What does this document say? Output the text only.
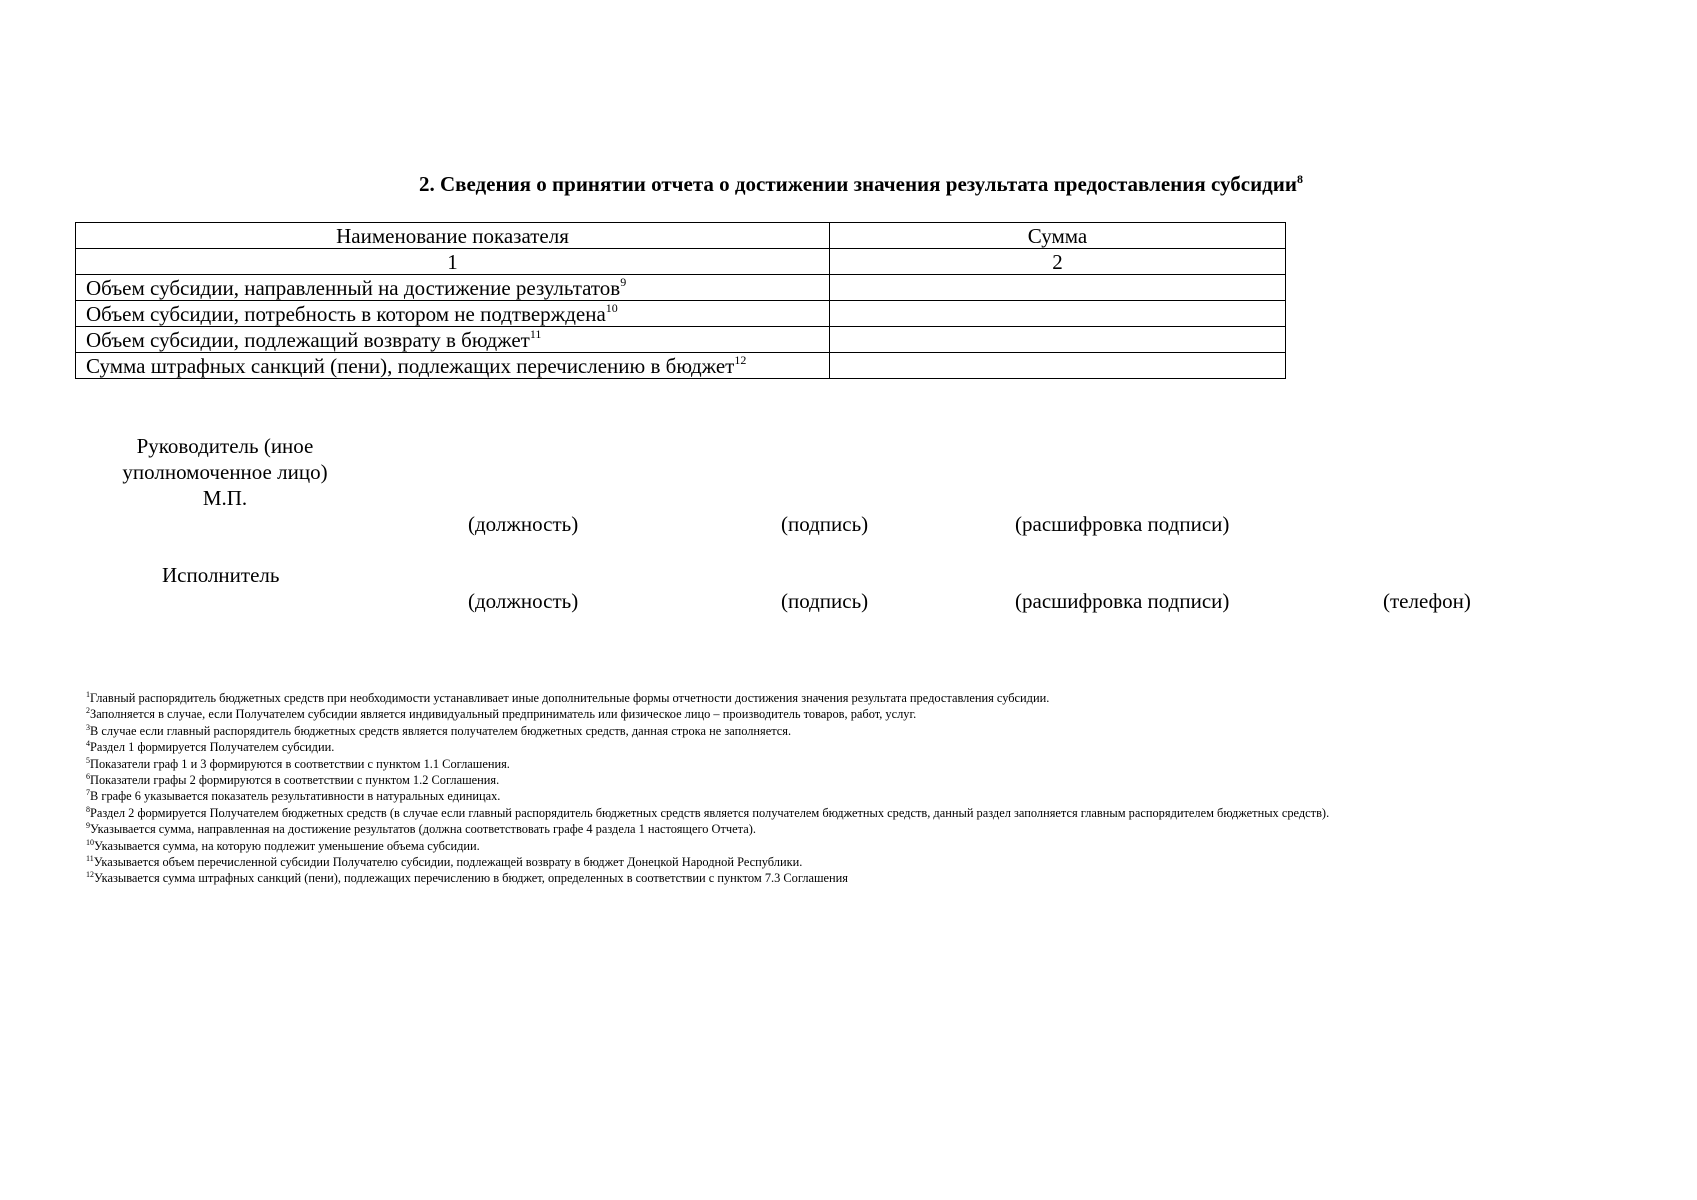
2. Сведения о принятии отчета о достижении значения результата предоставления субсидии$^8$
Наименование показателя	Сумма
1	2
Объем субсидии, направленный на достижение результатов$^9$	
Объем субсидии, потребность в котором не подтверждена$^{10}$	
Объем субсидии, подлежащий возврату в бюджет$^{11}$	
Сумма штрафных санкций (пени), подлежащих перечислению в бюджет$^{12}$	
Руководитель (иное
уполномоченное лицо)
М.П.
(должность)	(подпись)	(расшифровка подписи)
Исполнитель
(должность)	(подпись)	(расшифровка подписи)	(телефон)
$^1$Главный распорядитель бюджетных средств при необходимости устанавливает иные дополнительные формы отчетности достижения значения результата предоставления субсидии.
$^2$Заполняется в случае, если Получателем субсидии является индивидуальный предприниматель или физическое лицо – производитель товаров, работ, услуг.
$^3$В случае если главный распорядитель бюджетных средств является получателем бюджетных средств, данная строка не заполняется.
$^4$Раздел 1 формируется Получателем субсидии.
$^5$Показатели граф 1 и 3 формируются в соответствии с пунктом 1.1 Соглашения.
$^6$Показатели графы 2 формируются в соответствии с пунктом 1.2 Соглашения.
$^7$В графе 6 указывается показатель результативности в натуральных единицах.
$^8$Раздел 2 формируется Получателем бюджетных средств (в случае если главный распорядитель бюджетных средств является получателем бюджетных средств, данный раздел заполняется главным распорядителем бюджетных средств).
$^9$Указывается сумма, направленная на достижение результатов (должна соответствовать графе 4 раздела 1 настоящего Отчета).
$^{10}$Указывается сумма, на которую подлежит уменьшение объема субсидии.
$^{11}$Указывается объем перечисленной субсидии Получателю субсидии, подлежащей возврату в бюджет Донецкой Народной Республики.
$^{12}$Указывается сумма штрафных санкций (пени), подлежащих перечислению в бюджет, определенных в соответствии с пунктом 7.3 Соглашения
